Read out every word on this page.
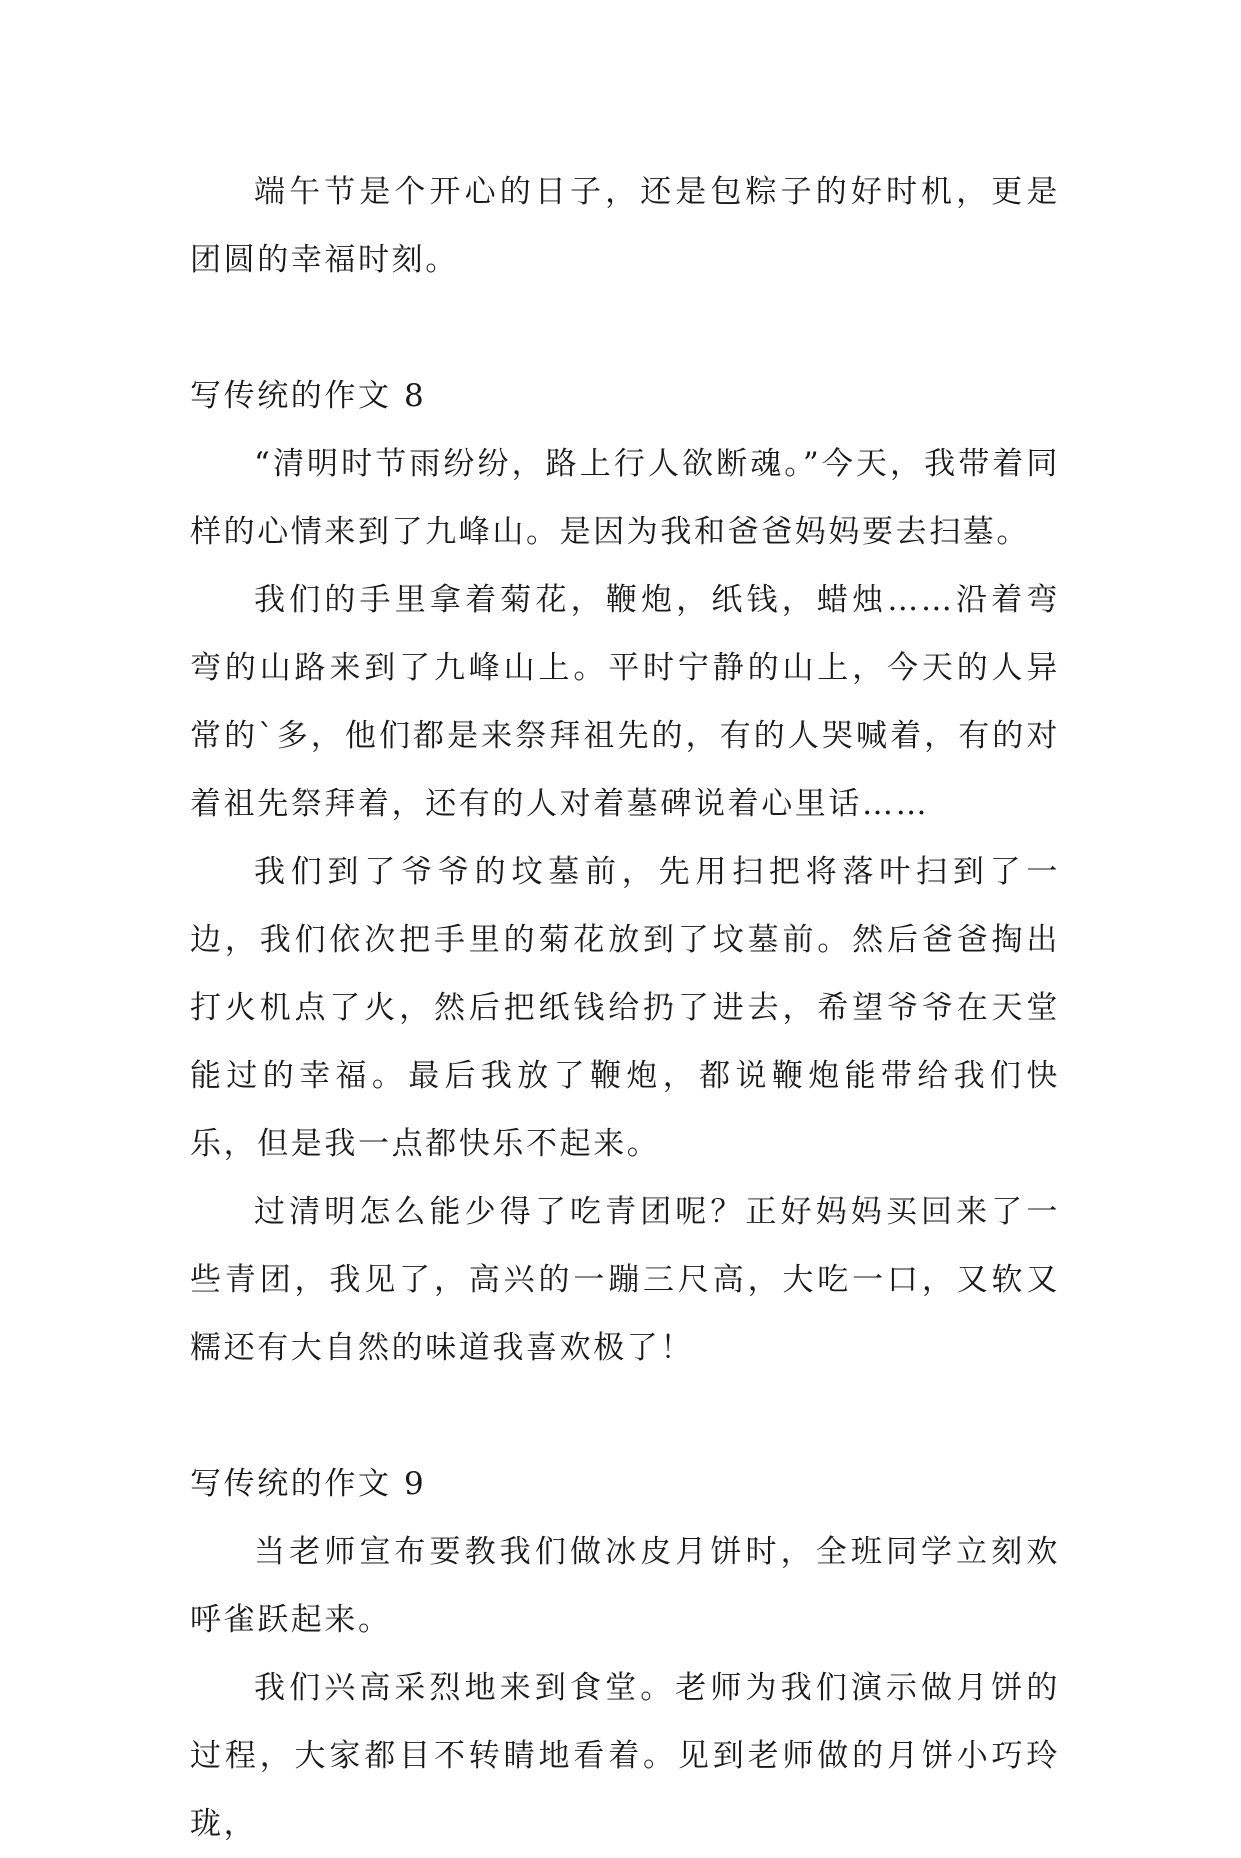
端午节是个开心的日子，还是包粽子的好时机，更是团圆的幸福时刻。

写传统的作文 8

“清明时节雨纷纷，路上行人欲断魂。”今天，我带着同样的心情来到了九峰山。是因为我和爸爸妈妈要去扫墓。

我们的手里拿着菊花，鞭炮，纸钱，蜡烛……沿着弯弯的山路来到了九峰山上。平时宁静的山上，今天的人异常的`多，他们都是来祭拜祖先的，有的人哭喊着，有的对着祖先祭拜着，还有的人对着墓碑说着心里话……

我们到了爷爷的坟墓前，先用扫把将落叶扫到了一边，我们依次把手里的菊花放到了坟墓前。然后爸爸掏出打火机点了火，然后把纸钱给扔了进去，希望爷爷在天堂能过的幸福。最后我放了鞭炮，都说鞭炮能带给我们快乐，但是我一点都快乐不起来。

过清明怎么能少得了吃青团呢？正好妈妈买回来了一些青团，我见了，高兴的一蹦三尺高，大吃一口，又软又糯还有大自然的味道我喜欢极了！

写传统的作文 9

当老师宣布要教我们做冰皮月饼时，全班同学立刻欢呼雀跃起来。

我们兴高采烈地来到食堂。老师为我们演示做月饼的过程，大家都目不转睛地看着。见到老师做的月饼小巧玲珑，
